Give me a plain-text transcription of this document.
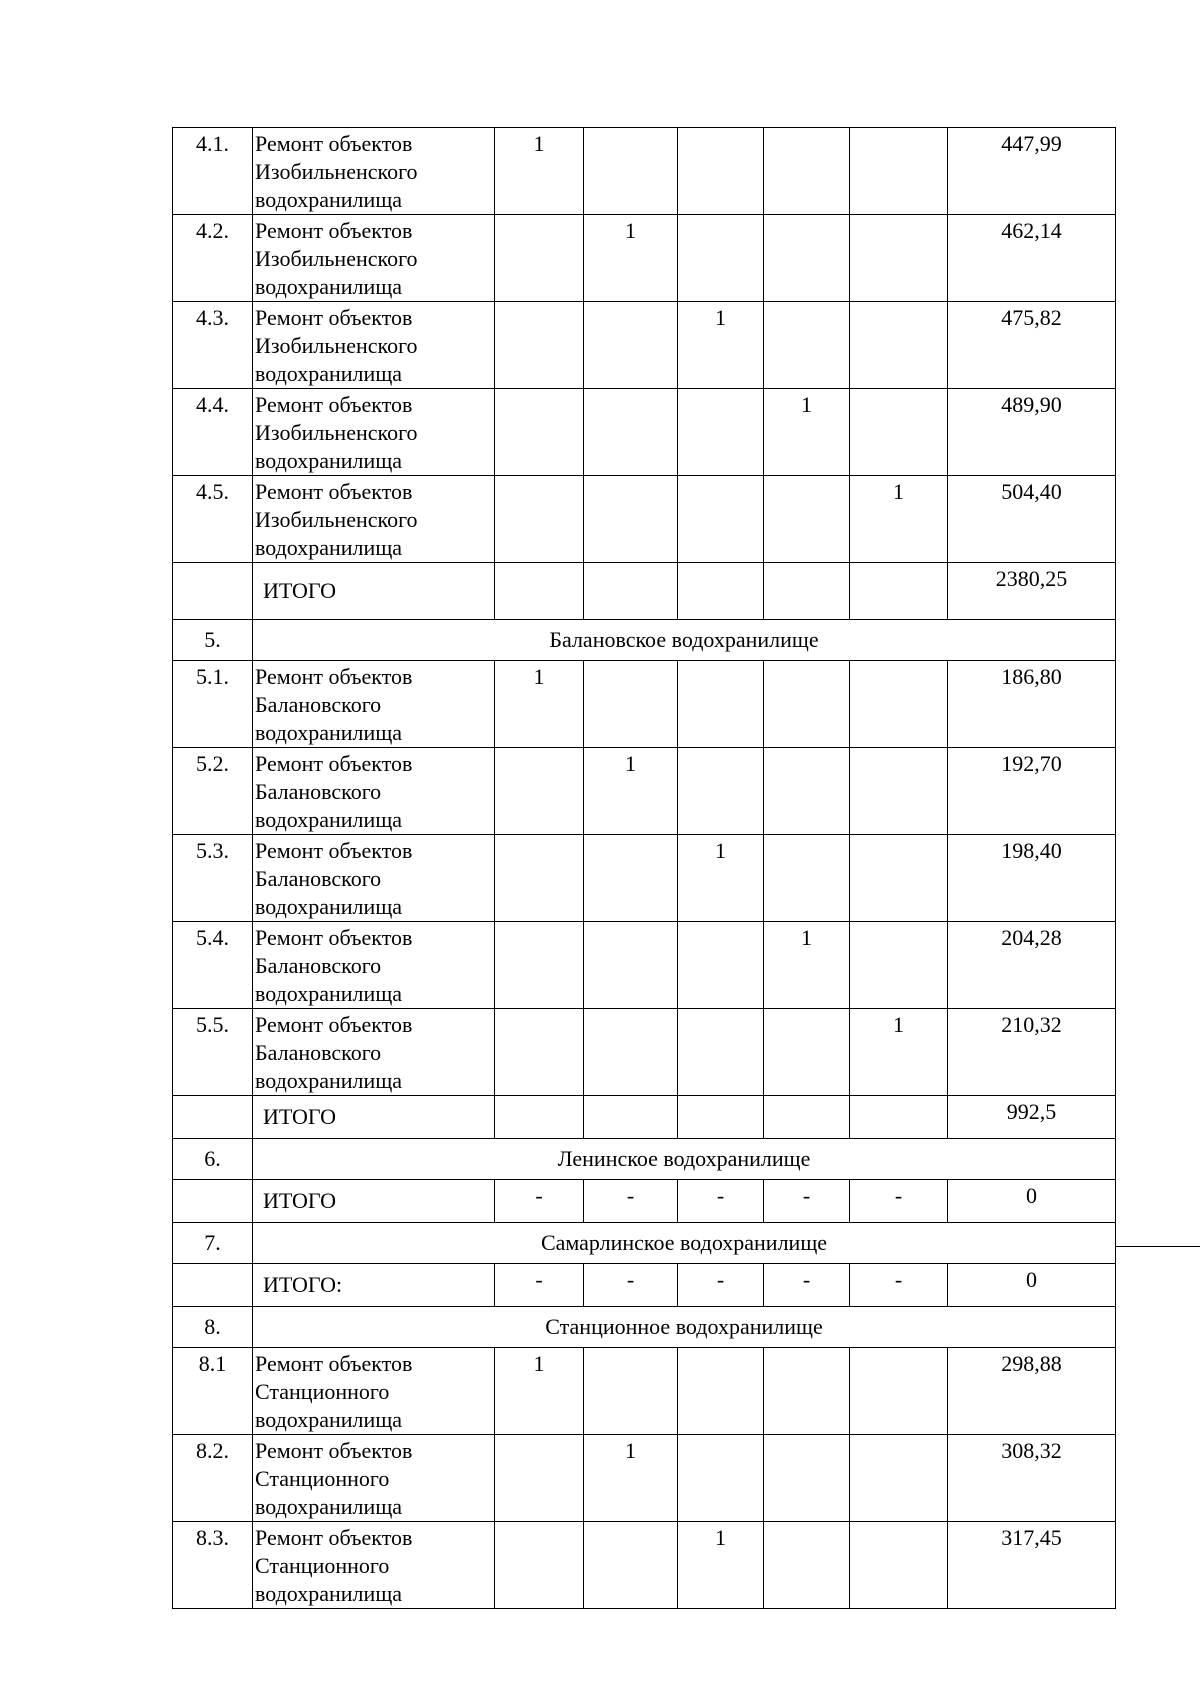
4.1.	Ремонт объектов
Изобильненского
водохранилища	1					447,99
4.2.	Ремонт объектов
Изобильненского
водохранилища		1				462,14
4.3.	Ремонт объектов
Изобильненского
водохранилища			1			475,82
4.4.	Ремонт объектов
Изобильненского
водохранилища				1		489,90
4.5.	Ремонт объектов
Изобильненского
водохранилища					1	504,40
	ИТОГО						2380,25
5.	Балановское водохранилище						
5.1.	Ремонт объектов
Балановского
водохранилища	1					186,80
5.2.	Ремонт объектов
Балановского
водохранилища		1				192,70
5.3.	Ремонт объектов
Балановского
водохранилища			1			198,40
5.4.	Ремонт объектов
Балановского
водохранилища				1		204,28
5.5.	Ремонт объектов
Балановского
водохранилища					1	210,32
	ИТОГО						992,5
6.	Ленинское водохранилище						
	ИТОГО	-	-	-	-	-	0
7.	Самарлинское водохранилище						
	ИТОГО:	-	-	-	-	-	0
8.	Станционное водохранилище						
8.1	Ремонт объектов
Станционного
водохранилища	1					298,88
8.2.	Ремонт объектов
Станционного
водохранилища		1				308,32
8.3.	Ремонт объектов
Станционного
водохранилища			1			317,45
